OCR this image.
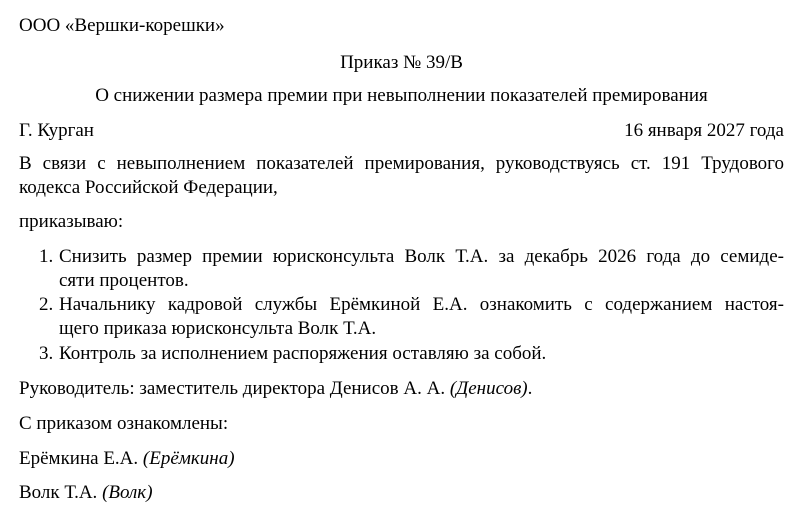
ООО «Вершки-корешки»
Приказ № 39/В
О снижении размера премии при невыполнении показателей премирования
Г. Курган	16 января 2027 года
В связи с невыполнением показателей премирования, руководствуясь ст. 191 Трудового
кодекса Российской Федерации,
приказываю:
1. Снизить размер премии юрисконсульта Волк Т.А. за декабрь 2026 года до семиде-
сяти процентов.
2. Начальнику кадровой службы Ерёмкиной Е.А. ознакомить с содержанием настоя-
щего приказа юрисконсульта Волк Т.А.
3. Контроль за исполнением распоряжения оставляю за собой.
Руководитель: заместитель директора Денисов А. А. (Денисов).
С приказом ознакомлены:
Ерёмкина Е.А. (Ерёмкина)
Волк Т.А. (Волк)
